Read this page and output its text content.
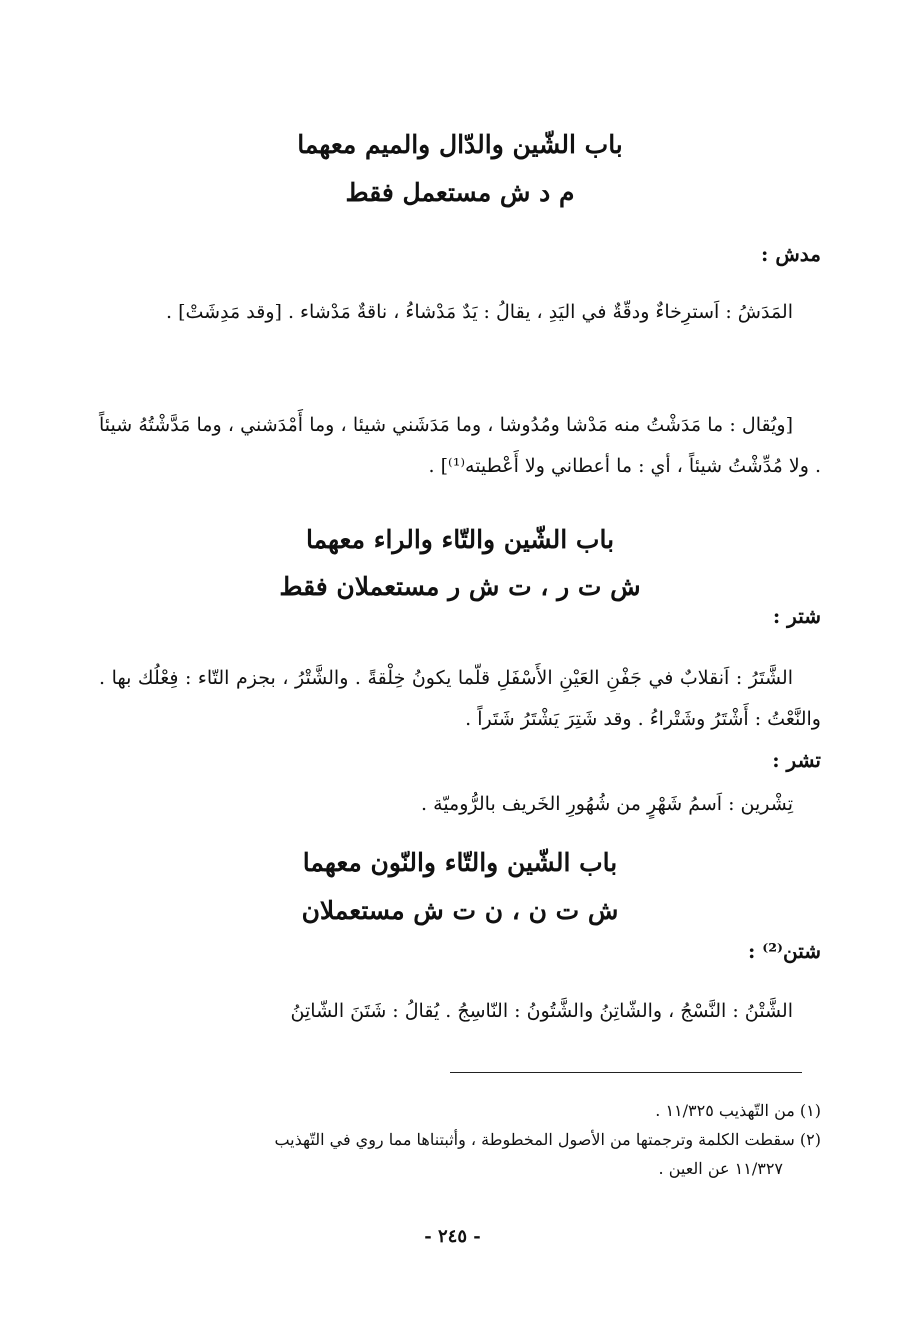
باب الشّين والدّال والميم معهما
م د ش مستعمل فقط
مدش :
المَدَشُ : اَسترِخاءٌ ودقّةٌ في اليَدِ ، يقالُ : يَدٌ مَدْشاءُ ، ناقةٌ مَدْشاء . [وقد مَدِشَتْ] .
[ويُقال : ما مَدَشْتُ منه مَدْشا ومُدُوشا ، وما مَدَشَني شيئا ، وما أَمْدَشني ، وما مَدَّشْتُهُ شيئاً . ولا مُدِّشْتُ شيئاً ، أي : ما أعطاني ولا أَعْطيته⁽¹⁾] .
باب الشّين والتّاء والراء معهما
ش ت ر ، ت ش ر مستعملان فقط
شتر :
الشَّتَرُ : اَنقلابٌ في جَفْنِ العَيْنِ الأَسْفَلِ قلّما يكونُ خِلْقةً . والشَّتْرُ ، بجزم التّاء : فِعْلُك بها . والنَّعْتُ : أَشْتَرُ وشَتْراءُ . وقد شَتِرَ يَشْتَرُ شَتَراً .
تشر :
تِشْرين : اَسمُ شَهْرٍ من شُهُورِ الخَريف بالرُّوميّة .
باب الشّين والتّاء والنّون معهما
ش ت ن ، ن ت ش مستعملان
شتن⁽²⁾ :
الشَّتْنُ : النَّسْجُ ، والشّاتِنُ والشَّتُونُ : النّاسِجُ . يُقالُ : شَتَنَ الشّاتِنُ
(١) من التّهذيب ١١/٣٢٥ .
(٢) سقطت الكلمة وترجمتها من الأصول المخطوطة ، وأثبتناها مما روي في التّهذيب
١١/٣٢٧ عن العين .
- ٢٤٥ -
